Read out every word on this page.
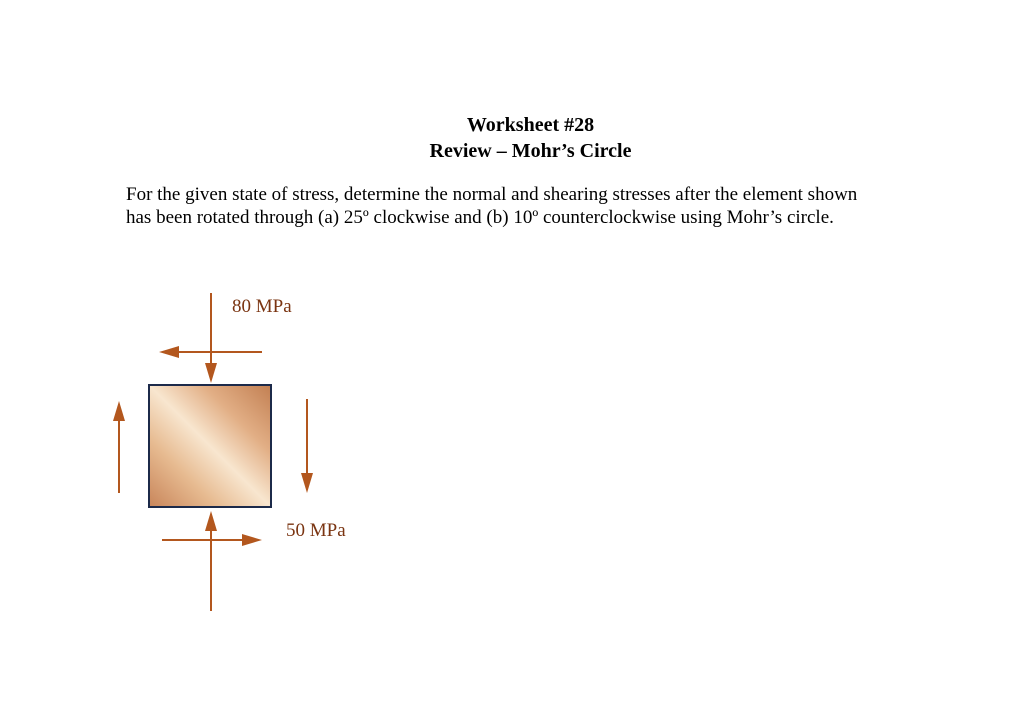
Worksheet #28
Review – Mohr’s Circle
For the given state of stress, determine the normal and shearing stresses after the element shown
has been rotated through (a) 25º clockwise and (b) 10º counterclockwise using Mohr’s circle.
80 MPa
50 MPa
